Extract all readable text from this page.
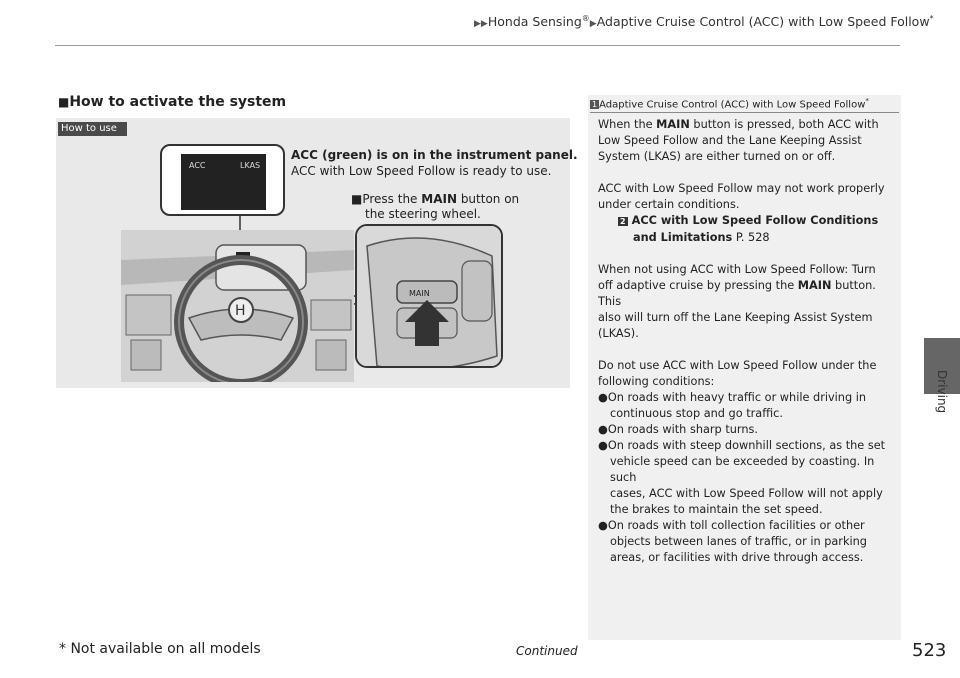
▶▶Honda Sensing®▶Adaptive Cruise Control (ACC) with Low Speed Follow*
Driving
■How to activate the system
How to use
ACC	LKAS
ACC (green) is on in the instrument panel.
ACC with Low Speed Follow is ready to use.
■Press the MAIN button on
the steering wheel.
H
MAIN
1 Adaptive Cruise Control (ACC) with Low Speed Follow*

When the MAIN button is pressed, both ACC with

Low Speed Follow and the Lane Keeping Assist

System (LKAS) are either turned on or off.

ACC with Low Speed Follow may not work properly

under certain conditions.

2 ACC with Low Speed Follow Conditions

and Limitations P. 528

When not using ACC with Low Speed Follow: Turn

off adaptive cruise by pressing the MAIN button. This

also will turn off the Lane Keeping Assist System

(LKAS).

Do not use ACC with Low Speed Follow under the

following conditions:

●On roads with heavy traffic or while driving in

continuous stop and go traffic.

●On roads with sharp turns.

●On roads with steep downhill sections, as the set

vehicle speed can be exceeded by coasting. In such

cases, ACC with Low Speed Follow will not apply

the brakes to maintain the set speed.

●On roads with toll collection facilities or other

objects between lanes of traffic, or in parking

areas, or facilities with drive through access.

* Not available on all models	Continued	523
